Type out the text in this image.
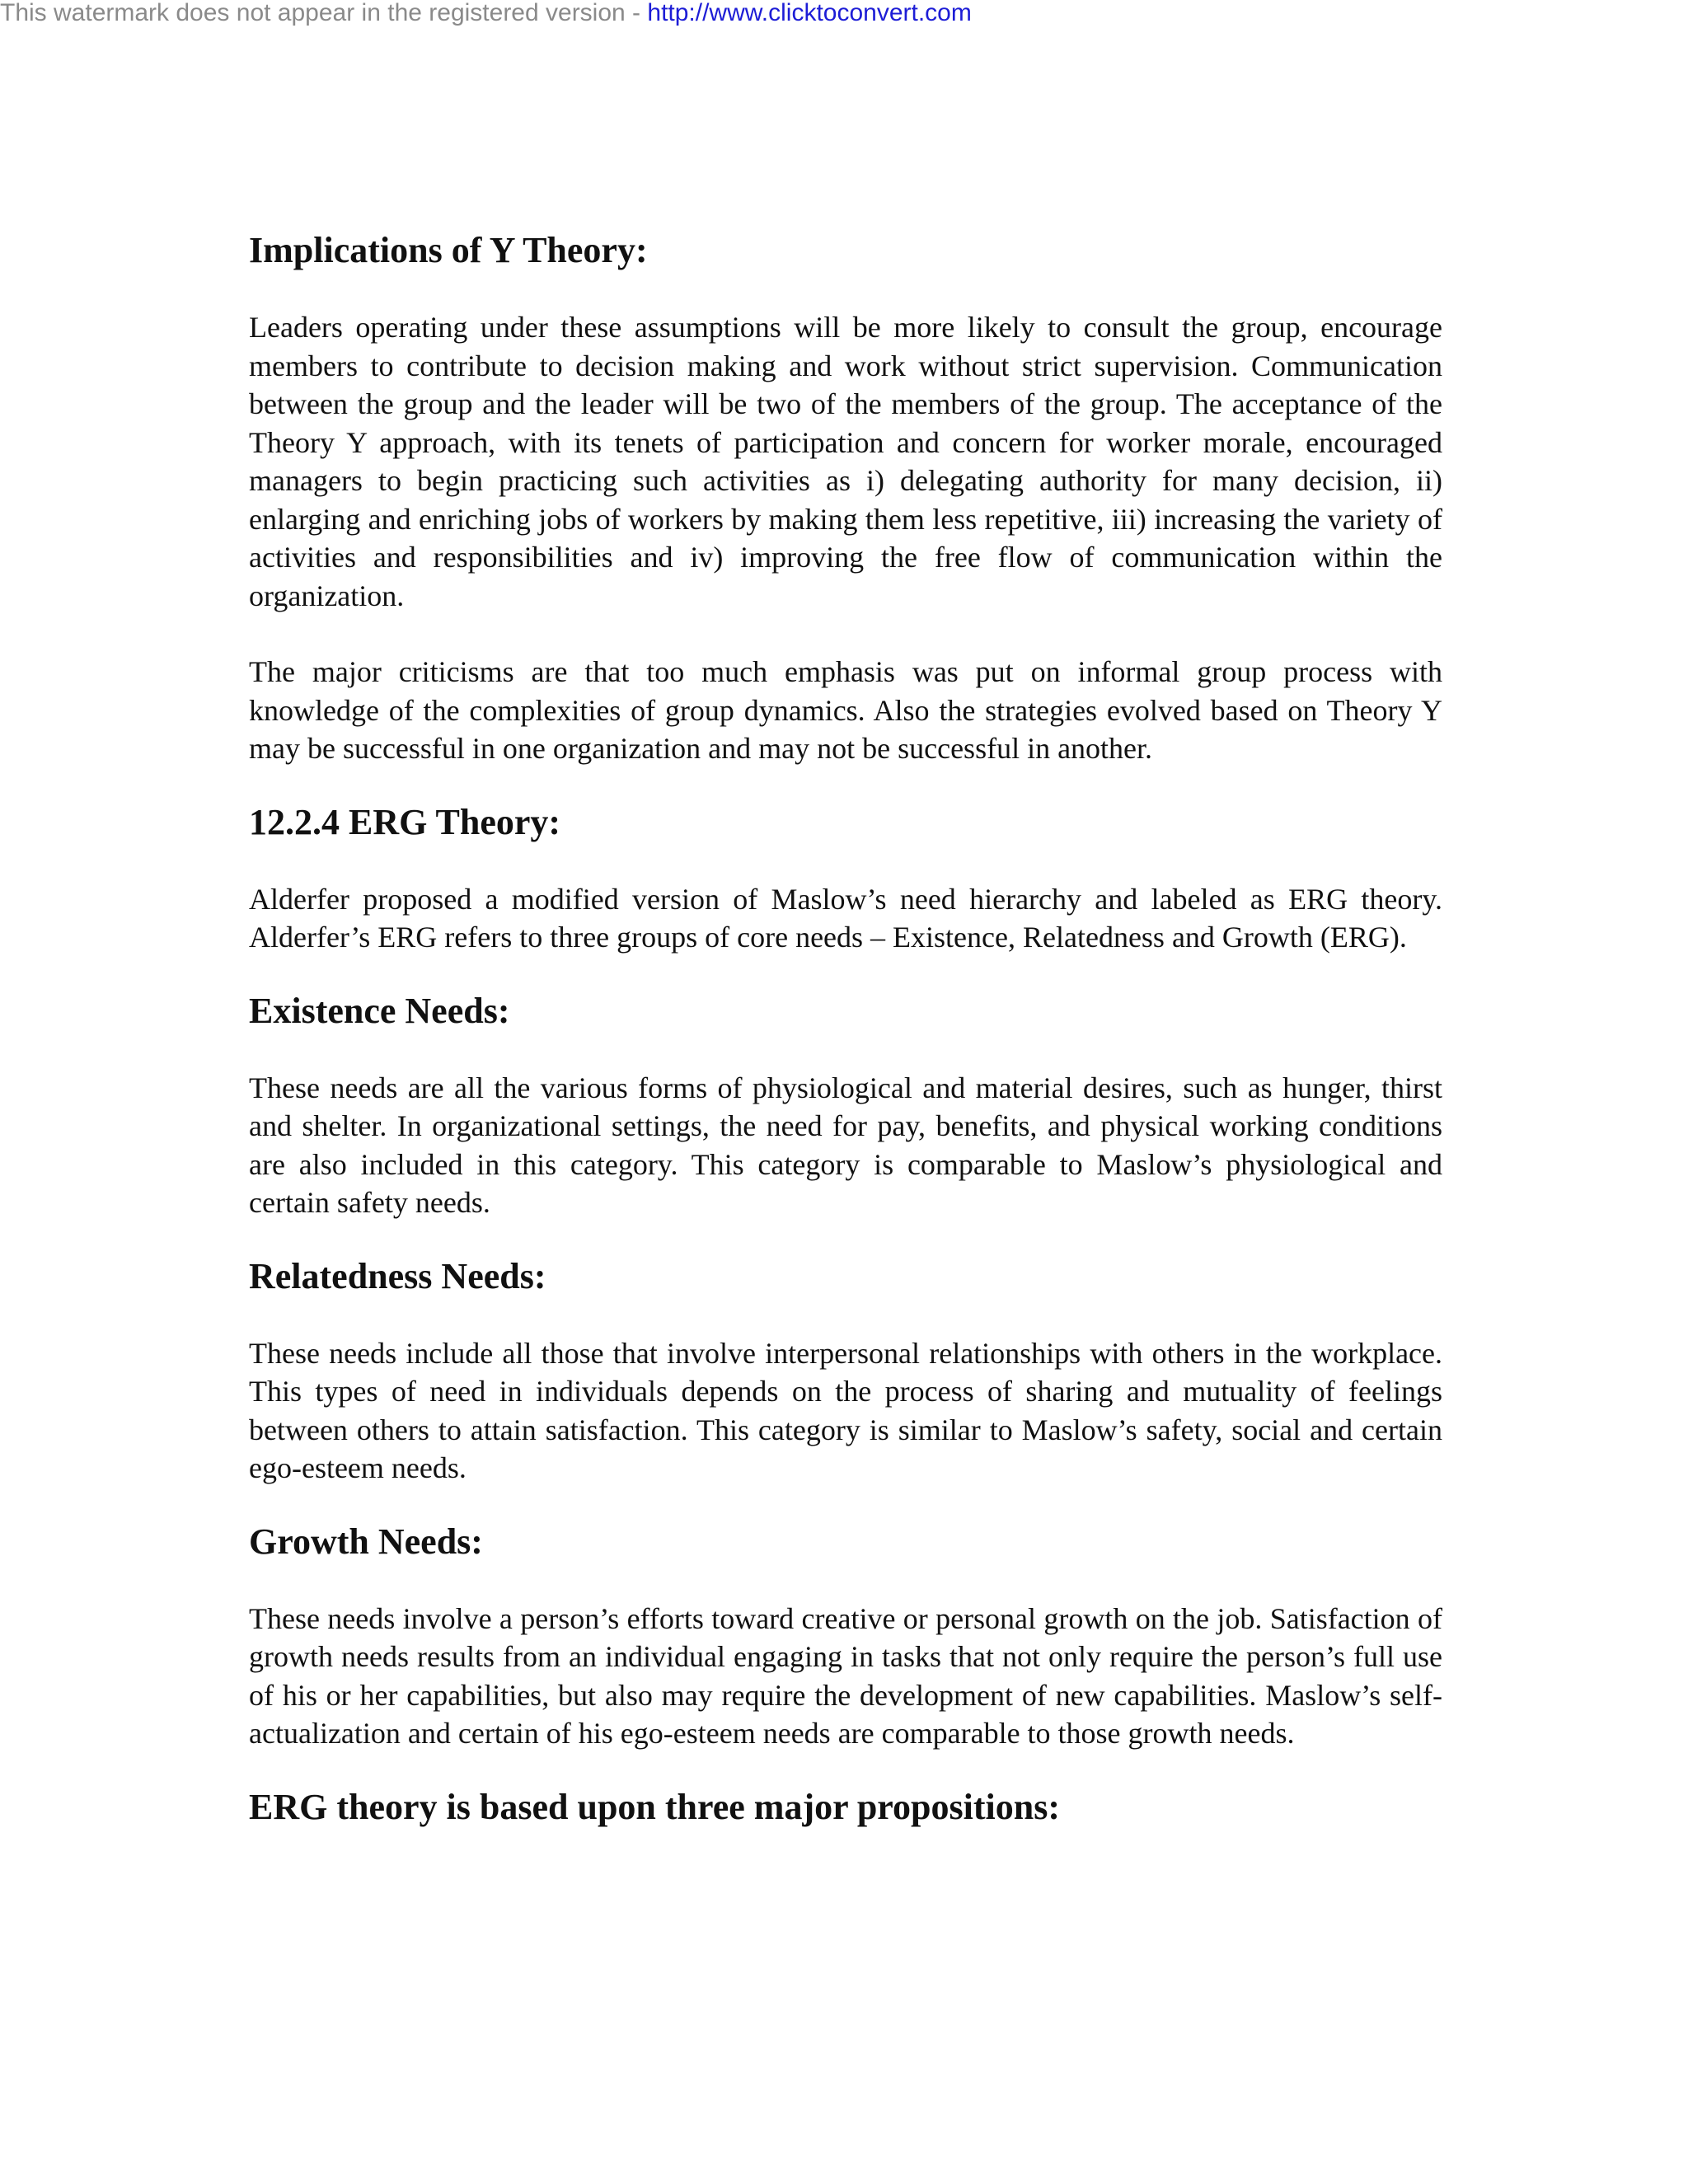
This watermark does not appear in the registered version - http://www.clicktoconvert.com
Implications of Y Theory:

Leaders operating under these assumptions will be more likely to consult the group, encourage members to contribute to decision making and work without strict supervision. Communication between the group and the leader will be two of the members of the group. The acceptance of the Theory Y approach, with its tenets of participation and concern for worker morale, encouraged managers to begin practicing such activities as i) delegating authority for many decision, ii) enlarging and enriching jobs of workers by making them less repetitive, iii) increasing the variety of activities and responsibilities and iv) improving the free flow of communication within the organization.

The major criticisms are that too much emphasis was put on informal group process with knowledge of the complexities of group dynamics. Also the strategies evolved based on Theory Y may be successful in one organization and may not be successful in another.

12.2.4 ERG Theory:

Alderfer proposed a modified version of Maslow’s need hierarchy and labeled as ERG theory. Alderfer’s ERG refers to three groups of core needs – Existence, Relatedness and Growth (ERG).

Existence Needs:

These needs are all the various forms of physiological and material desires, such as hunger, thirst and shelter. In organizational settings, the need for pay, benefits, and physical working conditions are also included in this category. This category is comparable to Maslow’s physiological and certain safety needs.

Relatedness Needs:

These needs include all those that involve interpersonal relationships with others in the workplace. This types of need in individuals depends on the process of sharing and mutuality of feelings between others to attain satisfaction. This category is similar to Maslow’s safety, social and certain ego-esteem needs.

Growth Needs:

These needs involve a person’s efforts toward creative or personal growth on the job. Satisfaction of growth needs results from an individual engaging in tasks that not only require the person’s full use of his or her capabilities, but also may require the development of new capabilities. Maslow’s self-actualization and certain of his ego-esteem needs are comparable to those growth needs.

ERG theory is based upon three major propositions:
